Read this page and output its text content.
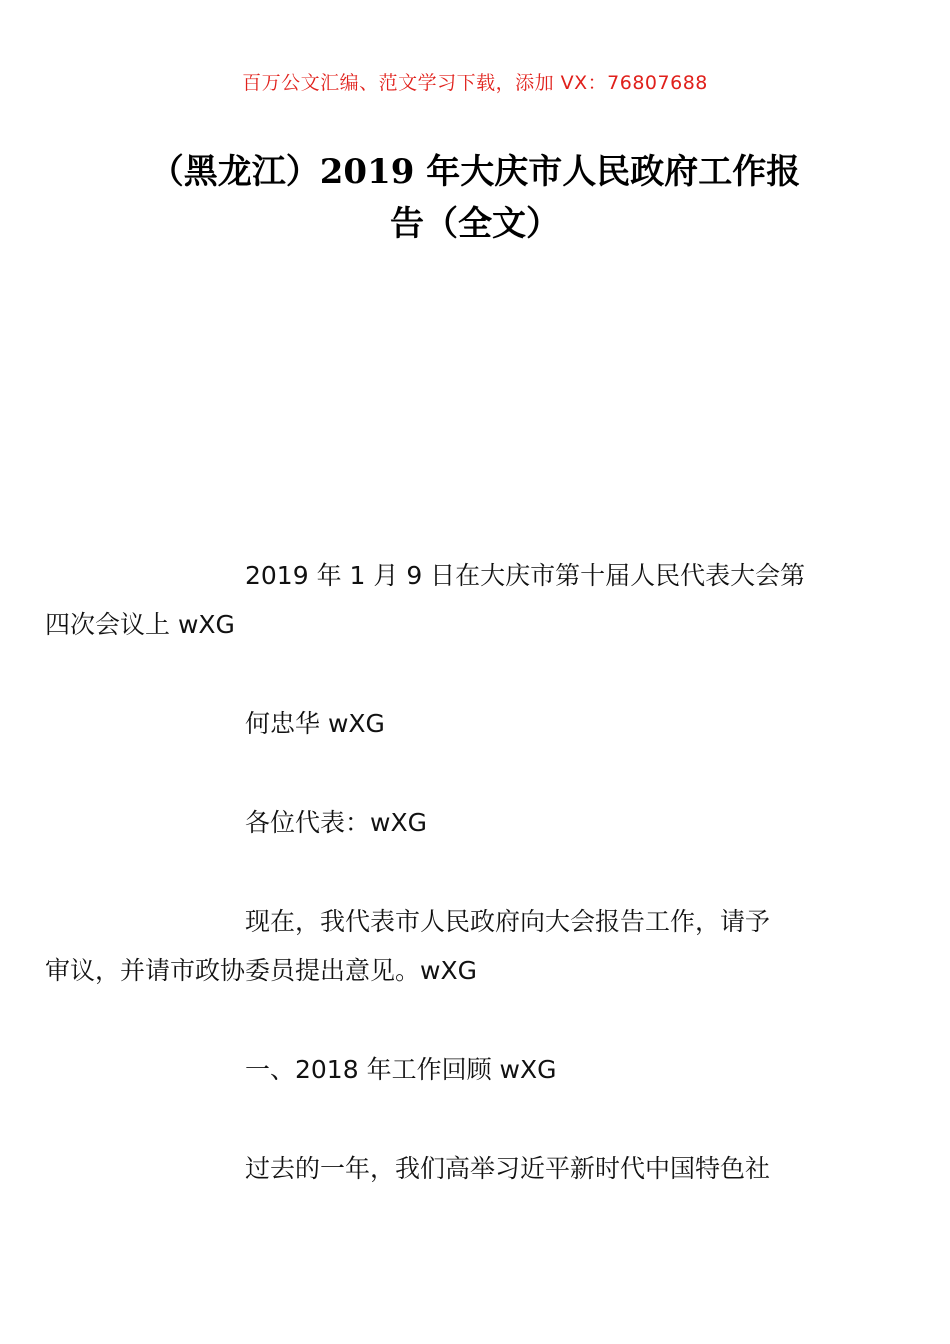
百万公文汇编、范文学习下载，添加 VX：76807688
（黑龙江）2019 年大庆市人民政府工作报
告（全文）

2019 年 1 月 9 日在大庆市第十届人民代表大会第
四次会议上 wXG

何忠华 wXG

各位代表：wXG

现在，我代表市人民政府向大会报告工作，请予
审议，并请市政协委员提出意见。wXG

一、2018 年工作回顾 wXG

过去的一年，我们高举习近平新时代中国特色社
